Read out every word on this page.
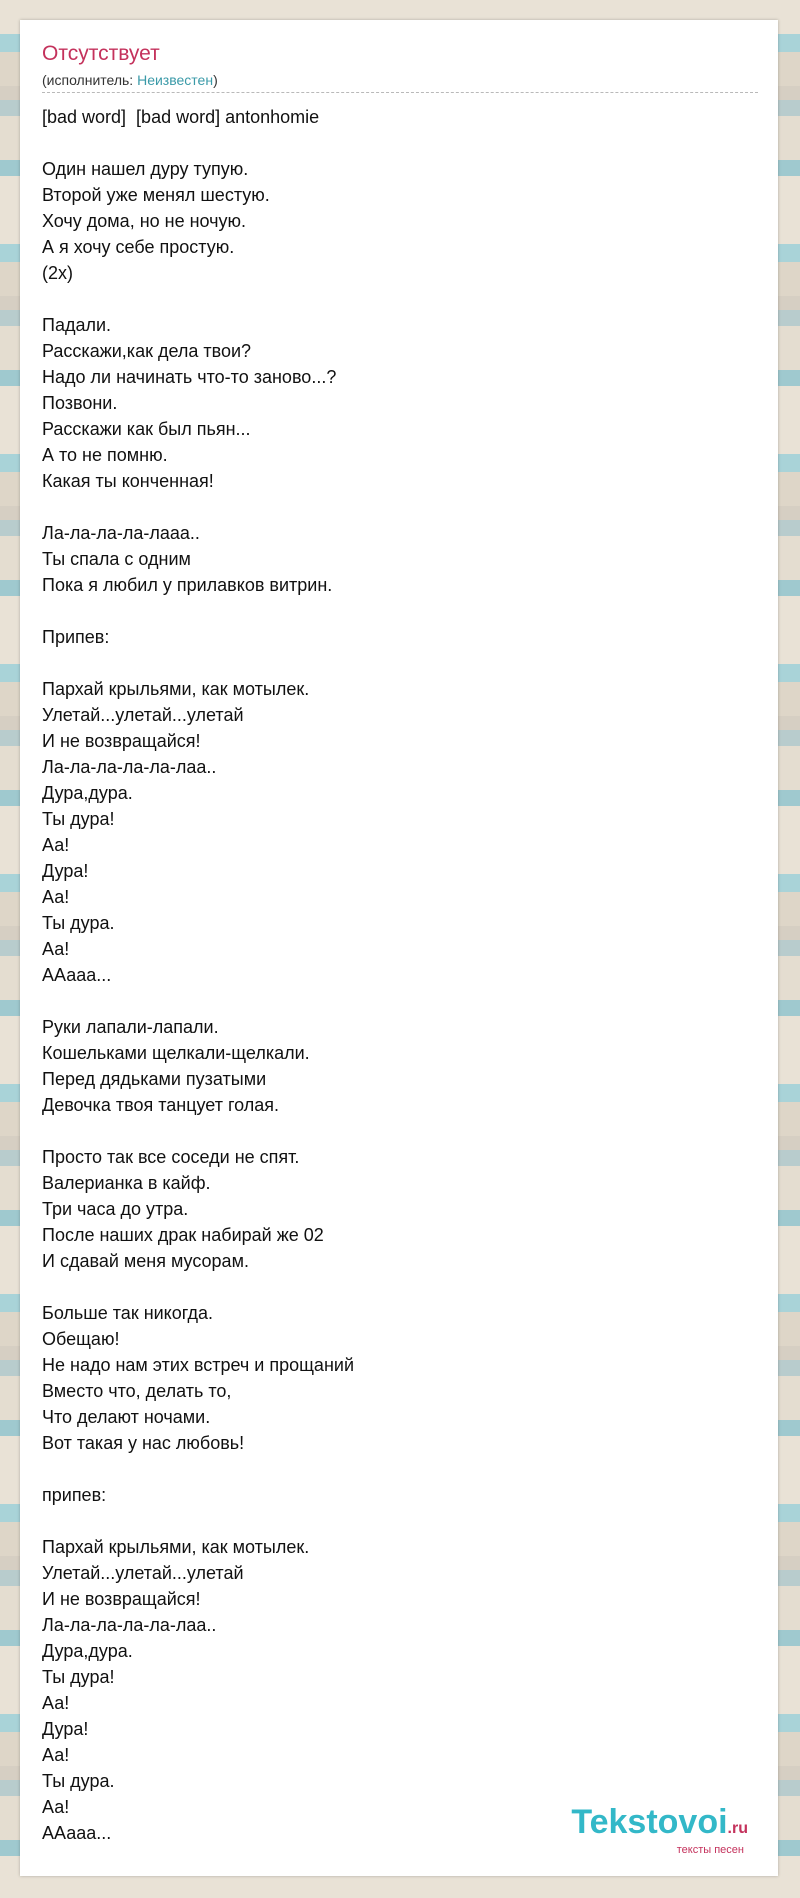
Отсутствует
(исполнитель: Неизвестен)
[bad word]  [bad word] antonhomie

Один нашел дуру тупую.
Второй уже менял шестую.
Хочу дома, но не ночую.
А я хочу себе простую.
(2х)

Падали.
Расскажи,как дела твои?
Надо ли начинать что-то заново...?
Позвони.
Расскажи как был пьян...
А то не помню.
Какая ты конченная!

Ла-ла-ла-ла-лааа..
Ты спала с одним
Пока я любил у прилавков витрин.

Припев:

Пархай крыльями, как мотылек.
Улетай...улетай...улетай
И не возвращайся!
Ла-ла-ла-ла-ла-лаа..
Дура,дура.
Ты дура!
Аа!
Дура!
Аа!
Ты дура.
Аа!
ААааа...

Руки лапали-лапали.
Кошельками щелкали-щелкали.
Перед дядьками пузатыми
Девочка твоя танцует голая.

Просто так все соседи не спят.
Валерианка в кайф.
Три часа до утра.
После наших драк набирай же 02
И сдавай меня мусорам.

Больше так никогда.
Обещаю!
Не надо нам этих встреч и прощаний
Вместо что, делать то,
Что делают ночами.
Вот такая у нас любовь!

припев:

Пархай крыльями, как мотылек.
Улетай...улетай...улетай
И не возвращайся!
Ла-ла-ла-ла-ла-лаа..
Дура,дура.
Ты дура!
Аа!
Дура!
Аа!
Ты дура.
Аа!
ААааа...	Tekstovoi.ru
тексты песен
